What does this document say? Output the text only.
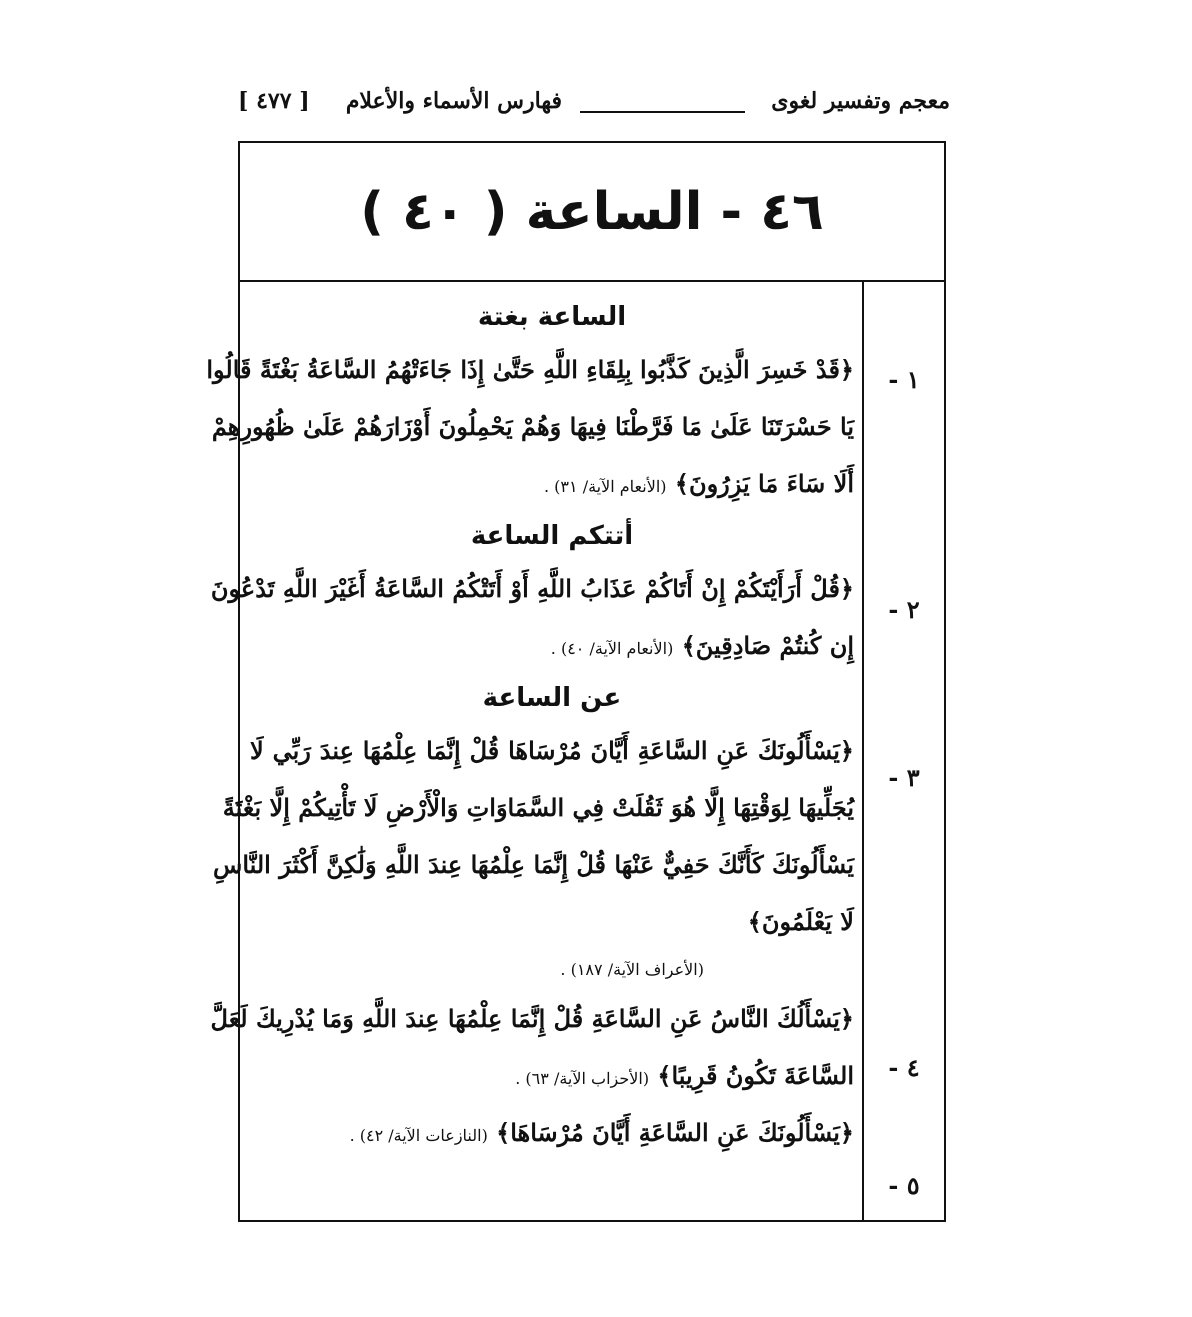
معجم وتفسير لغوى
فهارس الأسماء والأعلام
[ ٤٧٧ ]
٤٦ - الساعة ( ٤٠ )
١ -
٢ -
٣ -
٤ -
٥ -
الساعة بغتة
﴿قَدْ خَسِرَ الَّذِينَ كَذَّبُوا بِلِقَاءِ اللَّهِ حَتَّىٰ إِذَا جَاءَتْهُمُ السَّاعَةُ بَغْتَةً قَالُوا
يَا حَسْرَتَنَا عَلَىٰ مَا فَرَّطْنَا فِيهَا وَهُمْ يَحْمِلُونَ أَوْزَارَهُمْ عَلَىٰ ظُهُورِهِمْ
أَلَا سَاءَ مَا يَزِرُونَ﴾ (الأنعام الآية/ ٣١) .
أتتكم الساعة
﴿قُلْ أَرَأَيْتَكُمْ إِنْ أَتَاكُمْ عَذَابُ اللَّهِ أَوْ أَتَتْكُمُ السَّاعَةُ أَغَيْرَ اللَّهِ تَدْعُونَ
إِن كُنتُمْ صَادِقِينَ﴾ (الأنعام الآية/ ٤٠) .
عن الساعة
﴿يَسْأَلُونَكَ عَنِ السَّاعَةِ أَيَّانَ مُرْسَاهَا قُلْ إِنَّمَا عِلْمُهَا عِندَ رَبِّي لَا
يُجَلِّيهَا لِوَقْتِهَا إِلَّا هُوَ ثَقُلَتْ فِي السَّمَاوَاتِ وَالْأَرْضِ لَا تَأْتِيكُمْ إِلَّا بَغْتَةً
يَسْأَلُونَكَ كَأَنَّكَ حَفِيٌّ عَنْهَا قُلْ إِنَّمَا عِلْمُهَا عِندَ اللَّهِ وَلَٰكِنَّ أَكْثَرَ النَّاسِ
لَا يَعْلَمُونَ﴾
(الأعراف الآية/ ١٨٧) .
﴿يَسْأَلُكَ النَّاسُ عَنِ السَّاعَةِ قُلْ إِنَّمَا عِلْمُهَا عِندَ اللَّهِ وَمَا يُدْرِيكَ لَعَلَّ
السَّاعَةَ تَكُونُ قَرِيبًا﴾ (الأحزاب الآية/ ٦٣) .
﴿يَسْأَلُونَكَ عَنِ السَّاعَةِ أَيَّانَ مُرْسَاهَا﴾ (النازعات الآية/ ٤٢) .
